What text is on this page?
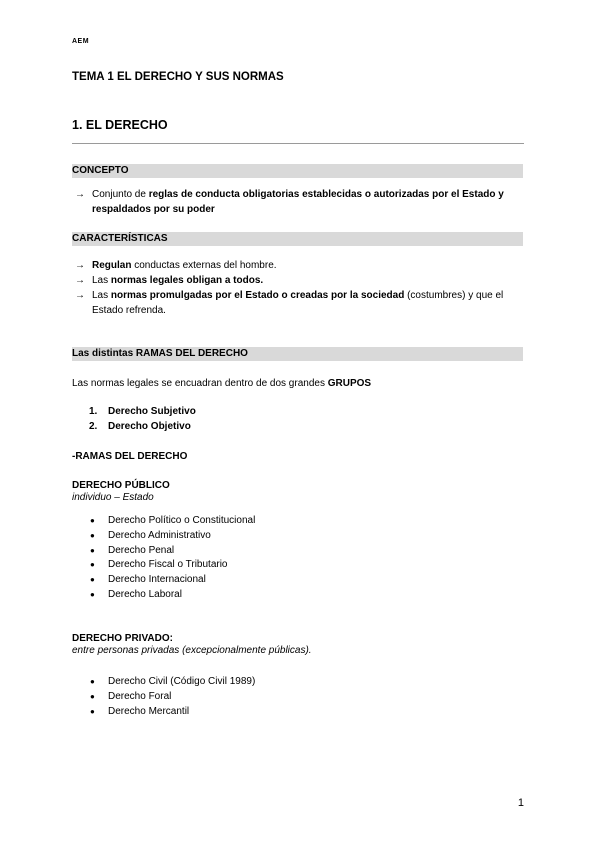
AEM
TEMA 1 EL DERECHO Y SUS NORMAS
1. EL DERECHO
CONCEPTO
→ Conjunto de reglas de conducta obligatorias establecidas o autorizadas por el Estado y respaldados por su poder
CARACTERÍSTICAS
→ Regulan conductas externas del hombre.
→ Las normas legales obligan a todos.
→ Las normas promulgadas por el Estado o creadas por la sociedad (costumbres) y que el Estado refrenda.
Las distintas RAMAS DEL DERECHO
Las normas legales se encuadran dentro de dos grandes GRUPOS
1. Derecho Subjetivo
2. Derecho Objetivo
-RAMAS DEL DERECHO
DERECHO PÚBLICO
individuo – Estado
● Derecho Político o Constitucional
● Derecho Administrativo
● Derecho Penal
● Derecho Fiscal o Tributario
● Derecho Internacional
● Derecho Laboral
DERECHO PRIVADO:
entre personas privadas (excepcionalmente públicas).
● Derecho Civil (Código Civil 1989)
● Derecho Foral
● Derecho Mercantil
1
